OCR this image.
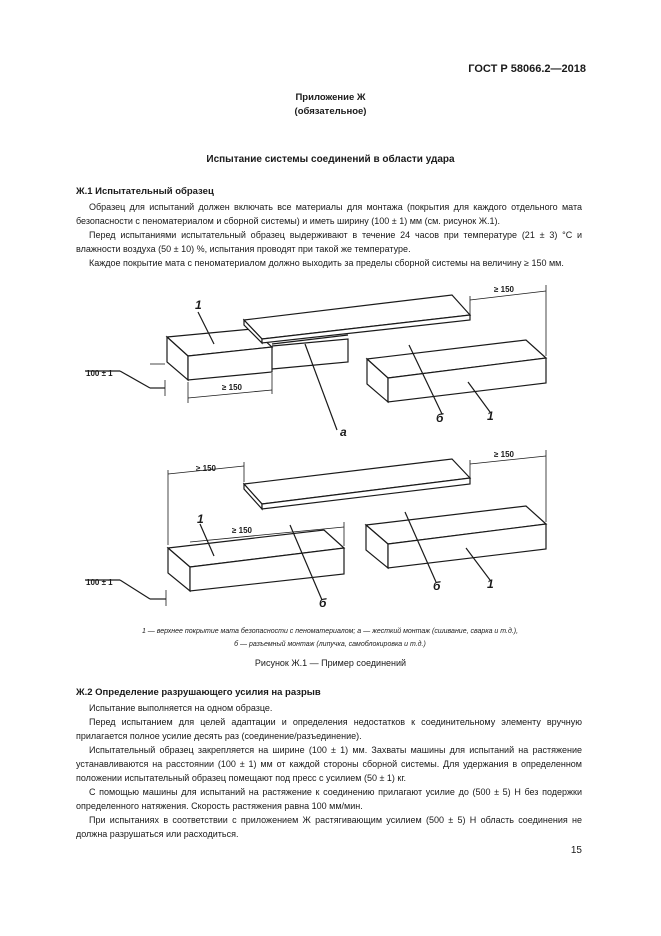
ГОСТ Р 58066.2—2018
Приложение Ж
(обязательное)
Испытание системы соединений в области удара
Ж.1 Испытательный образец

Образец для испытаний должен включать все материалы для монтажа (покрытия для каждого отдельного мата безопасности с пеноматериалом и сборной системы) и иметь ширину (100 ± 1) мм (см. рисунок Ж.1).

Перед испытаниями испытательный образец выдерживают в течение 24 часов при температуре (21 ± 3) °С и влажности воздуха (50 ± 10) %, испытания проводят при такой же температуре.

Каждое покрытие мата с пеноматериалом должно выходить за пределы сборной системы на величину ≥ 150 мм.

1
а
б	1
100 ± 1
≥ 150
≥ 150
1
б
б	1
100 ± 1
≥ 150
≥ 150
≥ 150
1 — верхнее покрытие мата безопасности с пеноматериалом; а — жесткий монтаж (сшивание, сварка и т.д.),
б — разъемный монтаж (липучка, самоблокировка и т.д.)
Рисунок Ж.1 — Пример соединений
Ж.2 Определение разрушающего усилия на разрыв

Испытание выполняется на одном образце.

Перед испытанием для целей адаптации и определения недостатков к соединительному элементу вручную прилагается полное усилие десять раз (соединение/разъединение).

Испытательный образец закрепляется на ширине (100 ± 1) мм. Захваты машины для испытаний на растяжение устанавливаются на расстоянии (100 ± 1) мм от каждой стороны сборной системы. Для удержания в определенном положении испытательный образец помещают под пресс с усилием (50 ± 1) кг.

С помощью машины для испытаний на растяжение к соединению прилагают усилие до (500 ± 5) Н без подержки определенного натяжения. Скорость растяжения равна 100 мм/мин.

При испытаниях в соответствии с приложением Ж растягивающим усилием (500 ± 5) Н область соединения не должна разрушаться или расходиться.

15
